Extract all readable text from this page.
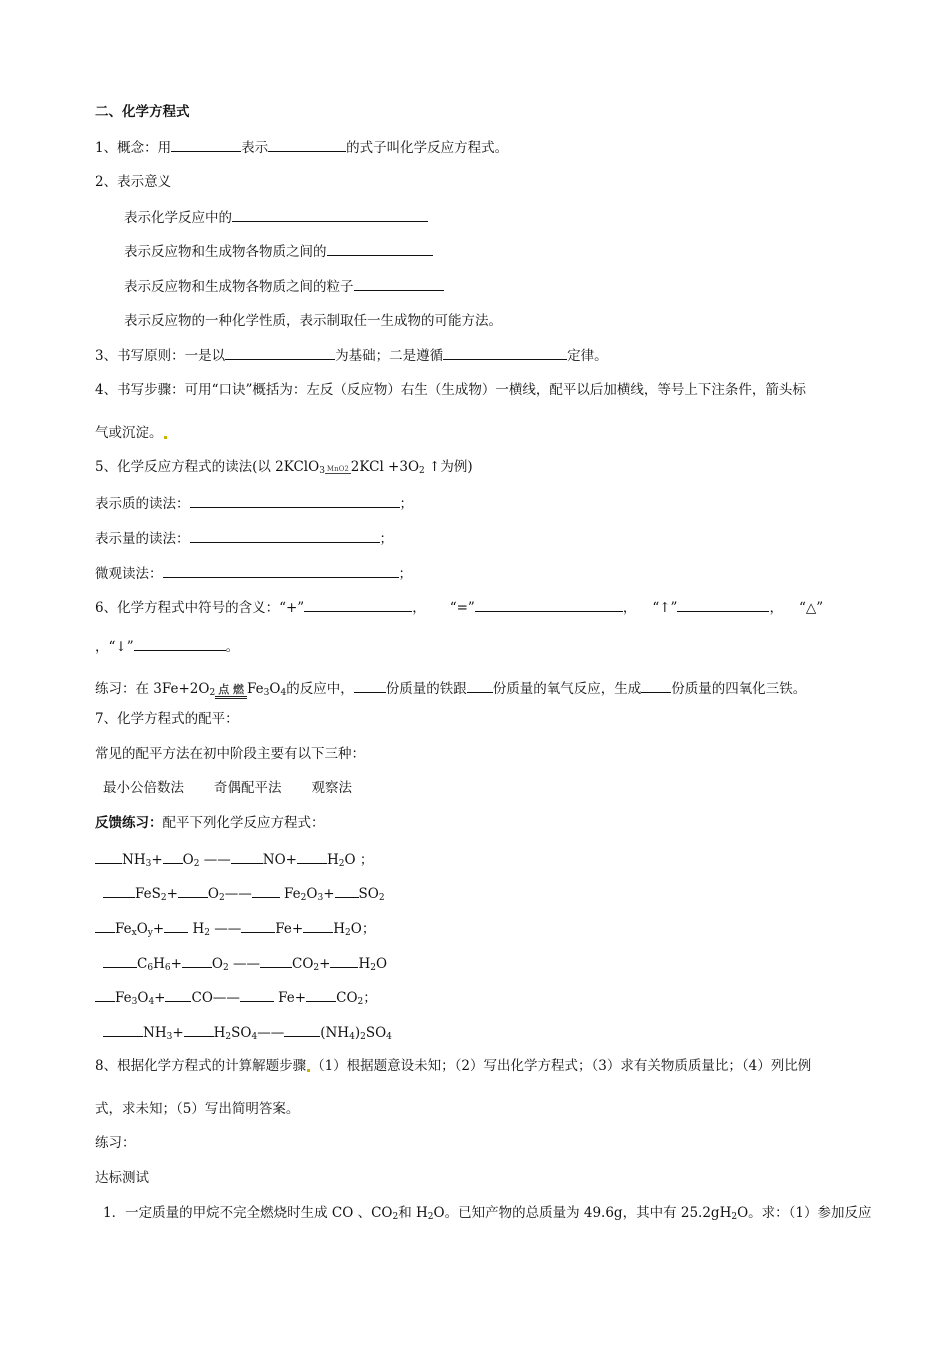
二、化学方程式
1、概念：用	表示	的式子叫化学反应方程式。
2、表示意义
表示化学反应中的
表示反应物和生成物各物质之间的
表示反应物和生成物各物质之间的粒子
表示反应物的一种化学性质，表示制取任一生成物的可能方法。
3、书写原则：一是以	为基础；二是遵循	定律。
4、书写步骤：可用“口诀”概括为：左反（反应物）右生（生成物）一横线，配平以后加横线，等号上下注条件，箭头标
气或沉淀。
5、化学反应方程式的读法(以 2KClO$_3$ MnO2 $2KCl +3O_2$ ↑为例)
表示质的读法：	；
表示量的读法：	；
微观读法：	；
6、化学方程式中符号的含义：“+”	， “=”	， “↑”	， “△”
，“↓”	。
练习：在 $3Fe+2O_2$ 点 燃 $Fe_3O_4$的反应中， 份质量的铁跟 份质量的氧气反应，生成 份质量的四氧化三铁。
7、化学方程式的配平：
常见的配平方法在初中阶段主要有以下三种：
最小公倍数法 奇偶配平法 观察法
反馈练习：配平下列化学反应方程式：
$NH_3+ O_2$ —— $NO+ H_2O$ ；
$FeS_2+ O_2——$ $Fe_2O_3+ SO_2$
$Fe_xO_y+ H_2$ ——	$Fe+ H_2O$；
$C_6H_6+ O_2$ —— $CO_2+ H_2O$
$Fe_3O_4+$ CO——	$Fe+ CO_2$；
$NH_3+$ $H_2SO_4——$	$(NH_4)_2SO_4$
8、根据化学方程式的计算解题步骤 （1）根据题意设未知；（2）写出化学方程式；（3）求有关物质质量比；（4）列比例
式，求未知；（5）写出简明答案。
练习：
达标测试
1．一定质量的甲烷不完全燃烧时生成 CO 、$CO_2$和 $H_2O$。已知产物的总质量为 49.6g，其中有 $25.2gH_2O$。求：（1）参加反应
